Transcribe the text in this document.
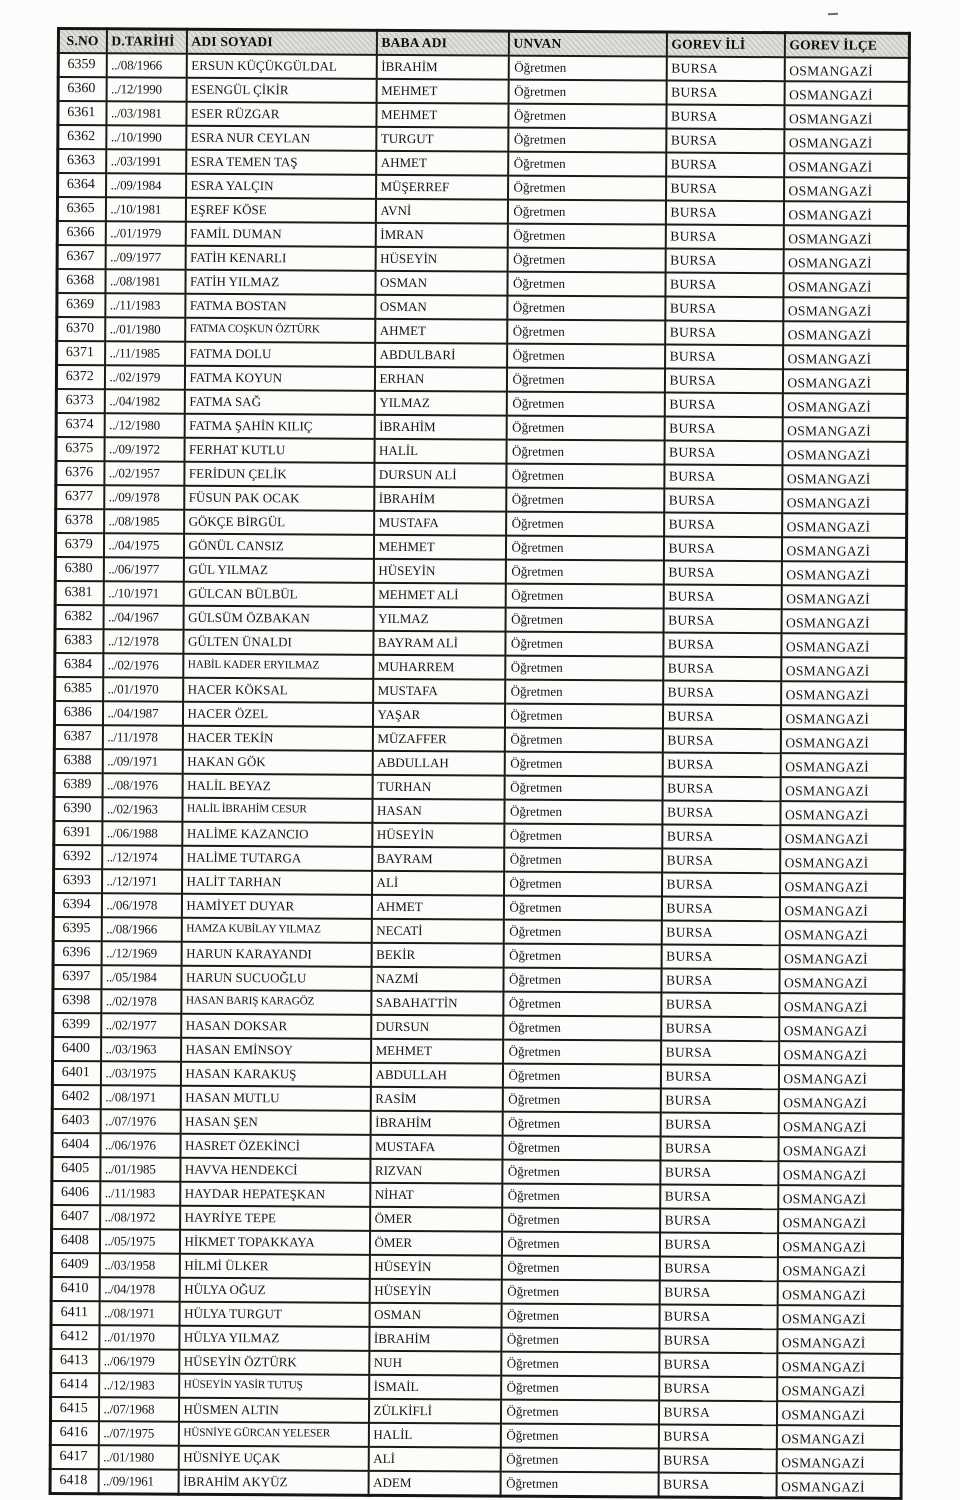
S.NO	D.TARİHİ	ADI SOYADI	BABA ADI	UNVAN	GOREV İLİ	GOREV İLÇE
6359	../08/1966	ERSUN KÜÇÜKGÜLDAL	İBRAHİM	Öğretmen	BURSA	OSMANGAZİ
6360	../12/1990	ESENGÜL ÇİKİR	MEHMET	Öğretmen	BURSA	OSMANGAZİ
6361	../03/1981	ESER RÜZGAR	MEHMET	Öğretmen	BURSA	OSMANGAZİ
6362	../10/1990	ESRA NUR CEYLAN	TURGUT	Öğretmen	BURSA	OSMANGAZİ
6363	../03/1991	ESRA TEMEN TAŞ	AHMET	Öğretmen	BURSA	OSMANGAZİ
6364	../09/1984	ESRA YALÇIN	MÜŞERREF	Öğretmen	BURSA	OSMANGAZİ
6365	../10/1981	EŞREF KÖSE	AVNİ	Öğretmen	BURSA	OSMANGAZİ
6366	../01/1979	FAMİL DUMAN	İMRAN	Öğretmen	BURSA	OSMANGAZİ
6367	../09/1977	FATİH KENARLI	HÜSEYİN	Öğretmen	BURSA	OSMANGAZİ
6368	../08/1981	FATİH YILMAZ	OSMAN	Öğretmen	BURSA	OSMANGAZİ
6369	../11/1983	FATMA BOSTAN	OSMAN	Öğretmen	BURSA	OSMANGAZİ
6370	../01/1980	FATMA COŞKUN ÖZTÜRK	AHMET	Öğretmen	BURSA	OSMANGAZİ
6371	../11/1985	FATMA DOLU	ABDULBARİ	Öğretmen	BURSA	OSMANGAZİ
6372	../02/1979	FATMA KOYUN	ERHAN	Öğretmen	BURSA	OSMANGAZİ
6373	../04/1982	FATMA SAĞ	YILMAZ	Öğretmen	BURSA	OSMANGAZİ
6374	../12/1980	FATMA ŞAHİN KILIÇ	İBRAHİM	Öğretmen	BURSA	OSMANGAZİ
6375	../09/1972	FERHAT KUTLU	HALİL	Öğretmen	BURSA	OSMANGAZİ
6376	../02/1957	FERİDUN ÇELİK	DURSUN ALİ	Öğretmen	BURSA	OSMANGAZİ
6377	../09/1978	FÜSUN PAK OCAK	İBRAHİM	Öğretmen	BURSA	OSMANGAZİ
6378	../08/1985	GÖKÇE BİRGÜL	MUSTAFA	Öğretmen	BURSA	OSMANGAZİ
6379	../04/1975	GÖNÜL CANSIZ	MEHMET	Öğretmen	BURSA	OSMANGAZİ
6380	../06/1977	GÜL YILMAZ	HÜSEYİN	Öğretmen	BURSA	OSMANGAZİ
6381	../10/1971	GÜLCAN BÜLBÜL	MEHMET ALİ	Öğretmen	BURSA	OSMANGAZİ
6382	../04/1967	GÜLSÜM ÖZBAKAN	YILMAZ	Öğretmen	BURSA	OSMANGAZİ
6383	../12/1978	GÜLTEN ÜNALDI	BAYRAM ALİ	Öğretmen	BURSA	OSMANGAZİ
6384	../02/1976	HABİL KADER ERYILMAZ	MUHARREM	Öğretmen	BURSA	OSMANGAZİ
6385	../01/1970	HACER KÖKSAL	MUSTAFA	Öğretmen	BURSA	OSMANGAZİ
6386	../04/1987	HACER ÖZEL	YAŞAR	Öğretmen	BURSA	OSMANGAZİ
6387	../11/1978	HACER TEKİN	MÜZAFFER	Öğretmen	BURSA	OSMANGAZİ
6388	../09/1971	HAKAN GÖK	ABDULLAH	Öğretmen	BURSA	OSMANGAZİ
6389	../08/1976	HALİL BEYAZ	TURHAN	Öğretmen	BURSA	OSMANGAZİ
6390	../02/1963	HALİL İBRAHİM CESUR	HASAN	Öğretmen	BURSA	OSMANGAZİ
6391	../06/1988	HALİME KAZANCIO	HÜSEYİN	Öğretmen	BURSA	OSMANGAZİ
6392	../12/1974	HALİME TUTARGA	BAYRAM	Öğretmen	BURSA	OSMANGAZİ
6393	../12/1971	HALİT TARHAN	ALİ	Öğretmen	BURSA	OSMANGAZİ
6394	../06/1978	HAMİYET DUYAR	AHMET	Öğretmen	BURSA	OSMANGAZİ
6395	../08/1966	HAMZA KUBİLAY YILMAZ	NECATİ	Öğretmen	BURSA	OSMANGAZİ
6396	../12/1969	HARUN KARAYANDI	BEKİR	Öğretmen	BURSA	OSMANGAZİ
6397	../05/1984	HARUN SUCUOĞLU	NAZMİ	Öğretmen	BURSA	OSMANGAZİ
6398	../02/1978	HASAN BARIŞ KARAGÖZ	SABAHATTİN	Öğretmen	BURSA	OSMANGAZİ
6399	../02/1977	HASAN DOKSAR	DURSUN	Öğretmen	BURSA	OSMANGAZİ
6400	../03/1963	HASAN EMİNSOY	MEHMET	Öğretmen	BURSA	OSMANGAZİ
6401	../03/1975	HASAN KARAKUŞ	ABDULLAH	Öğretmen	BURSA	OSMANGAZİ
6402	../08/1971	HASAN MUTLU	RASİM	Öğretmen	BURSA	OSMANGAZİ
6403	../07/1976	HASAN ŞEN	İBRAHİM	Öğretmen	BURSA	OSMANGAZİ
6404	../06/1976	HASRET ÖZEKİNCİ	MUSTAFA	Öğretmen	BURSA	OSMANGAZİ
6405	../01/1985	HAVVA HENDEKCİ	RIZVAN	Öğretmen	BURSA	OSMANGAZİ
6406	../11/1983	HAYDAR HEPATEŞKAN	NİHAT	Öğretmen	BURSA	OSMANGAZİ
6407	../08/1972	HAYRİYE TEPE	ÖMER	Öğretmen	BURSA	OSMANGAZİ
6408	../05/1975	HİKMET TOPAKKAYA	ÖMER	Öğretmen	BURSA	OSMANGAZİ
6409	../03/1958	HİLMİ ÜLKER	HÜSEYİN	Öğretmen	BURSA	OSMANGAZİ
6410	../04/1978	HÜLYA OĞUZ	HÜSEYİN	Öğretmen	BURSA	OSMANGAZİ
6411	../08/1971	HÜLYA TURGUT	OSMAN	Öğretmen	BURSA	OSMANGAZİ
6412	../01/1970	HÜLYA YILMAZ	İBRAHİM	Öğretmen	BURSA	OSMANGAZİ
6413	../06/1979	HÜSEYİN ÖZTÜRK	NUH	Öğretmen	BURSA	OSMANGAZİ
6414	../12/1983	HÜSEYİN YASİR TUTUŞ	İSMAİL	Öğretmen	BURSA	OSMANGAZİ
6415	../07/1968	HÜSMEN ALTIN	ZÜLKİFLİ	Öğretmen	BURSA	OSMANGAZİ
6416	../07/1975	HÜSNİYE GÜRCAN YELESER	HALİL	Öğretmen	BURSA	OSMANGAZİ
6417	../01/1980	HÜSNİYE UÇAK	ALİ	Öğretmen	BURSA	OSMANGAZİ
6418	../09/1961	İBRAHİM AKYÜZ	ADEM	Öğretmen	BURSA	OSMANGAZİ
